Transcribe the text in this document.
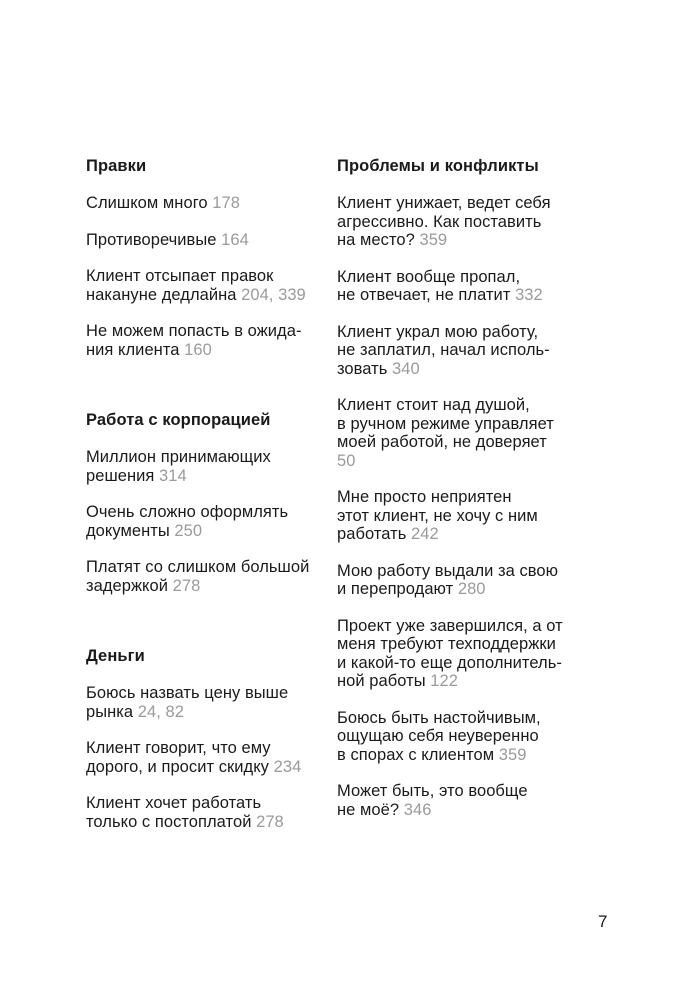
Правки
Слишком много 178
Противоречивые 164
Клиент отсыпает правок
накануне дедлайна 204, 339
Не можем попасть в ожида-
ния клиента 160
Работа с корпорацией
Миллион принимающих
решения 314
Очень сложно оформлять
документы 250
Платят со слишком большой
задержкой 278
Деньги
Боюсь назвать цену выше
рынка 24, 82
Клиент говорит, что ему
дорого, и просит скидку 234
Клиент хочет работать
только с постоплатой 278
Проблемы и конфликты
Клиент унижает, ведет себя
агрессивно. Как поставить
на место? 359
Клиент вообще пропал,
не отвечает, не платит 332
Клиент украл мою работу,
не заплатил, начал исполь-
зовать 340
Клиент стоит над душой,
в ручном режиме управляет
моей работой, не доверяет
50
Мне просто неприятен
этот клиент, не хочу с ним
работать 242
Мою работу выдали за свою
и перепродают 280
Проект уже завершился, а от
меня требуют техподдержки
и какой-то еще дополнитель-
ной работы 122
Боюсь быть настойчивым,
ощущаю себя неуверенно
в спорах с клиентом 359
Может быть, это вообще
не моё? 346
7
